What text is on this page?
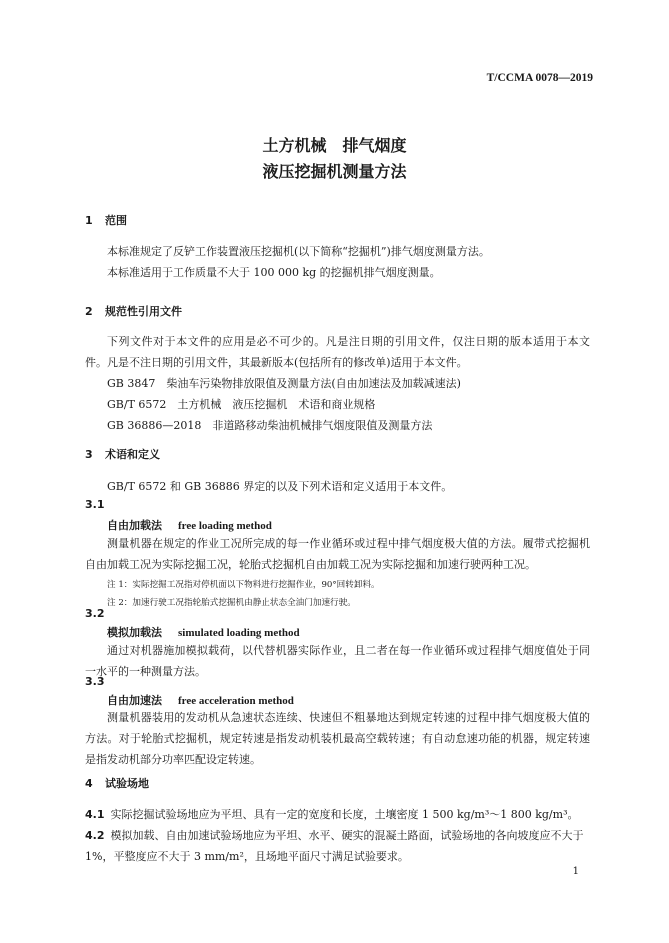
T/CCMA 0078—2019
土方机械　排气烟度
液压挖掘机测量方法
1 范围

本标准规定了反铲工作装置液压挖掘机(以下简称“挖掘机”)排气烟度测量方法。

本标准适用于工作质量不大于 100 000 kg 的挖掘机排气烟度测量。

2 规范性引用文件

下列文件对于本文件的应用是必不可少的。凡是注日期的引用文件，仅注日期的版本适用于本文件。凡是不注日期的引用文件，其最新版本(包括所有的修改单)适用于本文件。

GB 3847　柴油车污染物排放限值及测量方法(自由加速法及加载减速法)

GB/T 6572　土方机械　液压挖掘机　术语和商业规格

GB 36886—2018　非道路移动柴油机械排气烟度限值及测量方法

3 术语和定义

GB/T 6572 和 GB 36886 界定的以及下列术语和定义适用于本文件。

3.1
自由加载法 free loading method

测量机器在规定的作业工况所完成的每一作业循环或过程中排气烟度极大值的方法。履带式挖掘机自由加载工况为实际挖掘工况，轮胎式挖掘机自由加载工况为实际挖掘和加速行驶两种工况。

注 1：实际挖掘工况指对停机面以下物料进行挖掘作业，90°回转卸料。
注 2：加速行驶工况指轮胎式挖掘机由静止状态全油门加速行驶。
3.2
模拟加载法 simulated loading method

通过对机器施加模拟载荷，以代替机器实际作业，且二者在每一作业循环或过程排气烟度值处于同一水平的一种测量方法。

3.3
自由加速法 free acceleration method

测量机器装用的发动机从急速状态连续、快速但不粗暴地达到规定转速的过程中排气烟度极大值的方法。对于轮胎式挖掘机，规定转速是指发动机装机最高空载转速；有自动怠速功能的机器，规定转速是指发动机部分功率匹配设定转速。

4 试验场地

4.1 实际挖掘试验场地应为平坦、具有一定的宽度和长度，土壤密度 1 500 kg/m³～1 800 kg/m³。

4.2 模拟加载、自由加速试验场地应为平坦、水平、硬实的混凝土路面，试验场地的各向坡度应不大于

1%，平整度应不大于 3 mm/m²，且场地平面尺寸满足试验要求。

1
